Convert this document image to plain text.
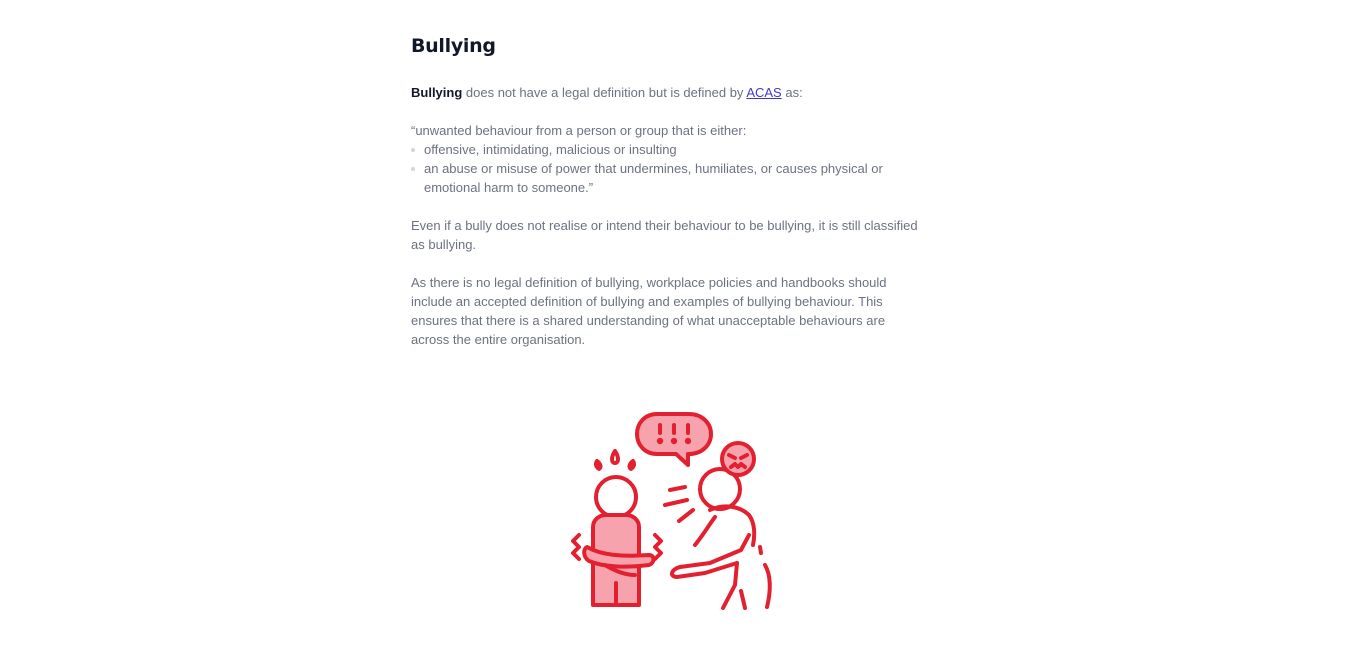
Bullying

Bullying does not have a legal definition but is defined by ACAS as:

“unwanted behaviour from a person or group that is either:

offensive, intimidating, malicious or insulting
an abuse or misuse of power that undermines, humiliates, or causes physical or emotional harm to someone.”

Even if a bully does not realise or intend their behaviour to be bullying, it is still classified as bullying.

As there is no legal definition of bullying, workplace policies and handbooks should include an accepted definition of bullying and examples of bullying behaviour. This ensures that there is a shared understanding of what unacceptable behaviours are across the entire organisation.
